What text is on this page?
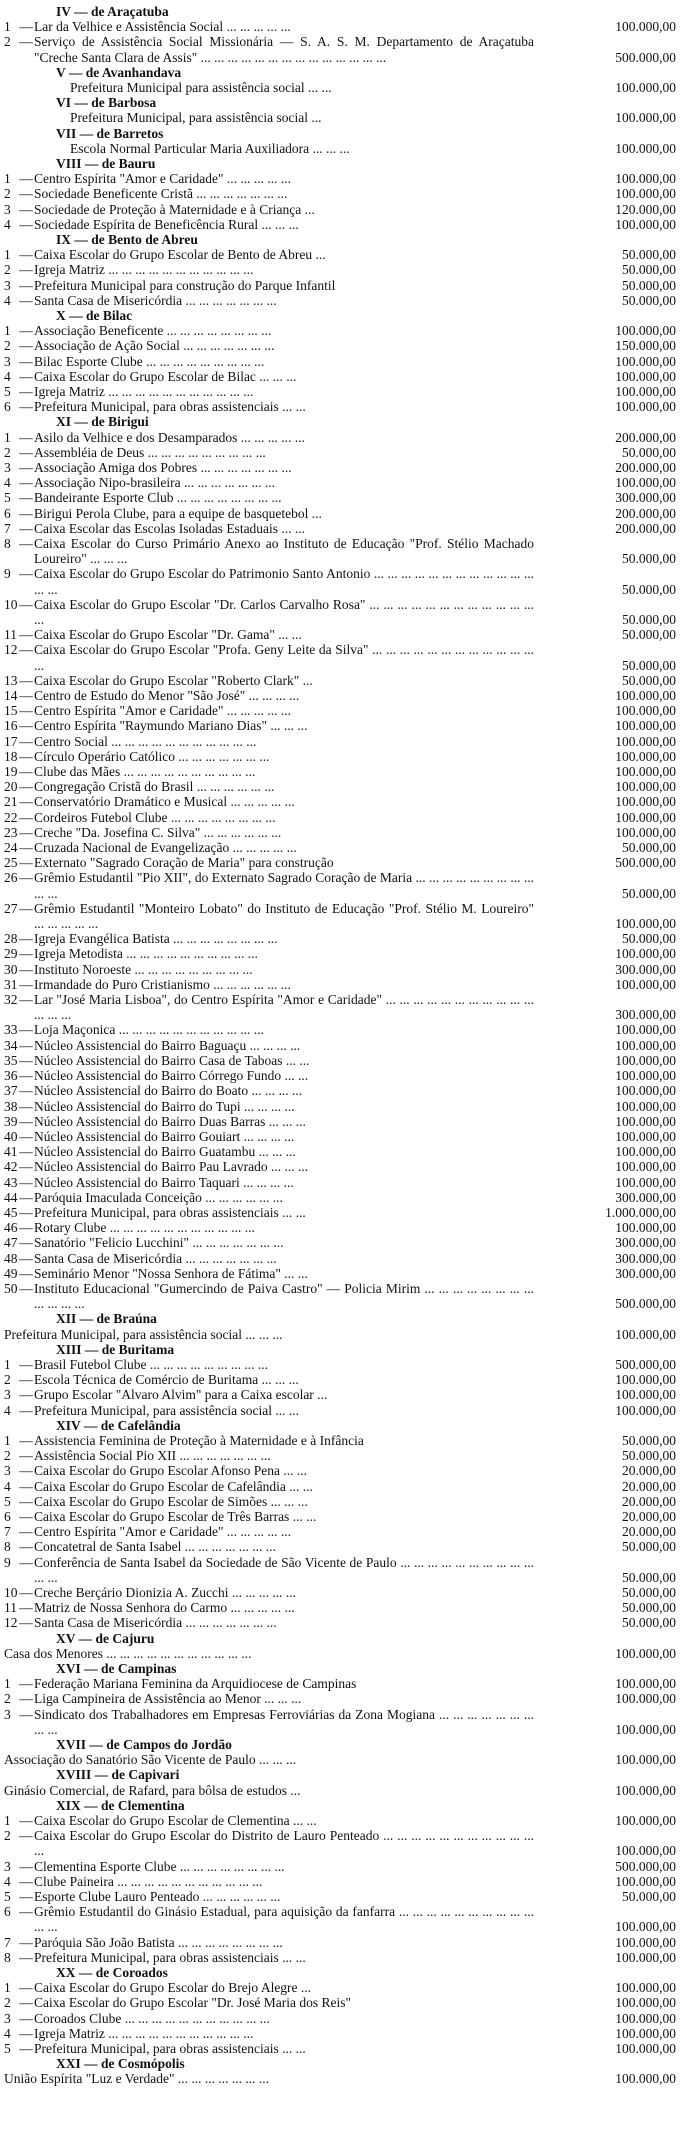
IV — de Araçatuba
1 — Lar da Velhice e Assistência Social ... ... ... ... ...	100.000,00
2 — Serviço de Assistência Social Missionária — S. A. S. M. Departamento de Araçatuba "Creche Santa Clara de Assis" ... ... ... ... ... ... ... ... ... ... ... ... ... ...	500.000,00
V — de Avanhandava
Prefeitura Municipal para assistência social ... ...	100.000,00
VI — de Barbosa
Prefeitura Municipal, para assistência social ...	100.000,00
VII — de Barretos
Escola Normal Particular Maria Auxiliadora ... ... ...	100.000,00
VIII — de Bauru
1 — Centro Espírita "Amor e Caridade" ... ... ... ... ...	100.000,00
2 — Sociedade Beneficente Cristã ... ... ... ... ... ... ...	100.000,00
3 — Sociedade de Proteção à Maternidade e à Criança ...	120.000,00
4 — Sociedade Espírita de Beneficência Rural ... ... ...	100.000,00
IX — de Bento de Abreu
1 — Caixa Escolar do Grupo Escolar de Bento de Abreu ...	50.000,00
2 — Igreja Matriz ... ... ... ... ... ... ... ... ... ... ...	50.000,00
3 — Prefeitura Municipal para construção do Parque Infantil	50.000,00
4 — Santa Casa de Misericórdia ... ... ... ... ... ... ...	50.000,00
X — de Bilac
1 — Associação Beneficente ... ... ... ... ... ... ... ...	100.000,00
2 — Associação de Ação Social ... ... ... ... ... ... ...	150.000,00
3 — Bilac Esporte Clube ... ... ... ... ... ... ... ... ...	100.000,00
4 — Caixa Escolar do Grupo Escolar de Bilac ... ... ...	100.000,00
5 — Igreja Matriz ... ... ... ... ... ... ... ... ... ... ...	100.000,00
6 — Prefeitura Municipal, para obras assistenciais ... ...	100.000,00
XI — de Birigui
1 — Asilo da Velhice e dos Desamparados ... ... ... ... ...	200.000,00
2 — Assembléia de Deus ... ... ... ... ... ... ... ... ...	50.000,00
3 — Associação Amiga dos Pobres ... ... ... ... ... ... ...	200.000,00
4 — Associação Nipo-brasileira ... ... ... ... ... ... ...	100.000,00
5 — Bandeirante Esporte Club ... ... ... ... ... ... ... ...	300.000,00
6 — Birigui Perola Clube, para a equipe de basquetebol ...	200.000,00
7 — Caixa Escolar das Escolas Isoladas Estaduais ... ...	200.000,00
8 — Caixa Escolar do Curso Primário Anexo ao Instituto de Educação "Prof. Stélio Machado Loureiro" ... ... ...	50.000,00
9 — Caixa Escolar do Grupo Escolar do Patrimonio Santo Antonio ... ... ... ... ... ... ... ... ... ... ... ... ... ...	50.000,00
10 — Caixa Escolar do Grupo Escolar "Dr. Carlos Carvalho Rosa" ... ... ... ... ... ... ... ... ... ... ... ... ...	50.000,00
11 — Caixa Escolar do Grupo Escolar "Dr. Gama" ... ...	50.000,00
12 — Caixa Escolar do Grupo Escolar "Profa. Geny Leite da Silva" ... ... ... ... ... ... ... ... ... ... ... ... ...	50.000,00
13 — Caixa Escolar do Grupo Escolar "Roberto Clark" ...	50.000,00
14 — Centro de Estudo do Menor "São José" ... ... ... ...	100.000,00
15 — Centro Espírita "Amor e Caridade" ... ... ... ... ...	100.000,00
16 — Centro Espírita "Raymundo Mariano Dias" ... ... ...	100.000,00
17 — Centro Social ... ... ... ... ... ... ... ... ... ... ...	100.000,00
18 — Círculo Operário Católico ... ... ... ... ... ... ...	100.000,00
19 — Clube das Mães ... ... ... ... ... ... ... ... ... ...	100.000,00
20 — Congregação Cristã do Brasil ... ... ... ... ... ...	100.000,00
21 — Conservatório Dramático e Musical ... ... ... ... ...	100.000,00
22 — Cordeiros Futebol Clube ... ... ... ... ... ... ... ...	100.000,00
23 — Creche "Da. Josefina C. Silva" ... ... ... ... ... ...	100.000,00
24 — Cruzada Nacional de Evangelização ... ... ... ... ...	50.000,00
25 — Externato "Sagrado Coração de Maria" para construção	500.000,00
26 — Grêmio Estudantil "Pio XII", do Externato Sagrado Coração de Maria ... ... ... ... ... ... ... ... ... ... ...	50.000,00
27 — Grêmio Estudantil "Monteiro Lobato" do Instituto de Educação "Prof. Stélio M. Loureiro" ... ... ... ... ...	100.000,00
28 — Igreja Evangélica Batista ... ... ... ... ... ... ... ...	50.000,00
29 — Igreja Metodista ... ... ... ... ... ... ... ... ... ...	100.000,00
30 — Instituto Noroeste ... ... ... ... ... ... ... ... ...	300.000,00
31 — Irmandade do Puro Cristianismo ... ... ... ... ... ...	100.000,00
32 — Lar "José Maria Lisboa", do Centro Espírita "Amor e Caridade" ... ... ... ... ... ... ... ... ... ... ... ... ... ...	300.000,00
33 — Loja Maçonica ... ... ... ... ... ... ... ... ... ... ...	100.000,00
34 — Núcleo Assistencial do Bairro Baguaçu ... ... ... ...	100.000,00
35 — Núcleo Assistencial do Bairro Casa de Taboas ... ...	100.000,00
36 — Núcleo Assistencial do Bairro Córrego Fundo ... ...	100.000,00
37 — Núcleo Assistencial do Bairro do Boato ... ... ... ...	100.000,00
38 — Núcleo Assistencial do Bairro do Tupi ... ... ... ...	100.000,00
39 — Núcleo Assistencial do Bairro Duas Barras ... ... ...	100.000,00
40 — Núcleo Assistencial do Bairro Gouiart ... ... ... ...	100.000,00
41 — Núcleo Assistencial do Bairro Guatambu ... ... ...	100.000,00
42 — Núcleo Assistencial do Bairro Pau Lavrado ... ... ...	100.000,00
43 — Núcleo Assistencial do Bairro Taquari ... ... ... ...	100.000,00
44 — Paróquia Imaculada Conceição ... ... ... ... ... ...	300.000,00
45 — Prefeitura Municipal, para obras assistenciais ... ...	1.000.000,00
46 — Rotary Clube ... ... ... ... ... ... ... ... ... ... ...	100.000,00
47 — Sanatório "Felicio Lucchini" ... ... ... ... ... ... ...	300.000,00
48 — Santa Casa de Misericórdia ... ... ... ... ... ... ...	300.000,00
49 — Seminário Menor "Nossa Senhora de Fátima" ... ...	300.000,00
50 — Instituto Educacional "Gumercindo de Paiva Castro" — Policia Mirim ... ... ... ... ... ... ... ... ... ... ... ...	500.000,00
XII — de Braúna
Prefeitura Municipal, para assistência social ... ... ...	100.000,00
XIII — de Buritama
1 — Brasil Futebol Clube ... ... ... ... ... ... ... ... ...	500.000,00
2 — Escola Técnica de Comércio de Buritama ... ... ...	100.000,00
3 — Grupo Escolar "Alvaro Alvim" para a Caixa escolar ...	100.000,00
4 — Prefeitura Municipal, para assistência social ... ...	100.000,00
XIV — de Cafelândia
1 — Assistencia Feminina de Proteção à Maternidade e à Infância	50.000,00
2 — Assistência Social Pio XII ... ... ... ... ... ... ...	50.000,00
3 — Caixa Escolar do Grupo Escolar Afonso Pena ... ...	20.000,00
4 — Caixa Escolar do Grupo Escolar de Cafelândia ... ...	20.000,00
5 — Caixa Escolar do Grupo Escolar de Simões ... ... ...	20.000,00
6 — Caixa Escolar do Grupo Escolar de Três Barras ... ...	20.000,00
7 — Centro Espírita "Amor e Caridade" ... ... ... ... ...	20.000,00
8 — Concatetral de Santa Isabel ... ... ... ... ... ... ...	50.000,00
9 — Conferência de Santa Isabel da Sociedade de São Vicente de Paulo ... ... ... ... ... ... ... ... ... ... ... ...	50.000,00
10 — Creche Berçário Dionizia A. Zucchi ... ... ... ... ...	50.000,00
11 — Matriz de Nossa Senhora do Carmo ... ... ... ... ...	50.000,00
12 — Santa Casa de Misericórdia ... ... ... ... ... ... ...	50.000,00
XV — de Cajuru
Casa dos Menores ... ... ... ... ... ... ... ... ... ... ...	100.000,00
XVI — de Campinas
1 — Federação Mariana Feminina da Arquidiocese de Campinas	100.000,00
2 — Liga Campineira de Assistência ao Menor ... ... ...	100.000,00
3 — Sindicato dos Trabalhadores em Empresas Ferroviárias da Zona Mogiana ... ... ... ... ... ... ... ... ...	100.000,00
XVII — de Campos do Jordão
Associação do Sanatório São Vicente de Paulo ... ... ...	100.000,00
XVIII — de Capivari
Ginásio Comercial, de Rafard, para bôlsa de estudos ...	100.000,00
XIX — de Clementina
1 — Caixa Escolar do Grupo Escolar de Clementina ... ...	100.000,00
2 — Caixa Escolar do Grupo Escolar do Distrito de Lauro Penteado ... ... ... ... ... ... ... ... ... ... ... ...	100.000,00
3 — Clementina Esporte Clube ... ... ... ... ... ... ... ...	500.000,00
4 — Clube Paineira ... ... ... ... ... ... ... ... ... ... ...	100.000,00
5 — Esporte Clube Lauro Penteado ... ... ... ... ... ...	50.000,00
6 — Grêmio Estudantil do Ginásio Estadual, para aquisição da fanfarra ... ... ... ... ... ... ... ... ... ... ... ...	100.000,00
7 — Paróquia São João Batista ... ... ... ... ... ... ... ...	100.000,00
8 — Prefeitura Municipal, para obras assistenciais ... ...	100.000,00
XX — de Coroados
1 — Caixa Escolar do Grupo Escolar do Brejo Alegre ...	100.000,00
2 — Caixa Escolar do Grupo Escolar "Dr. José Maria dos Reis"	100.000,00
3 — Coroados Clube ... ... ... ... ... ... ... ... ... ... ...	100.000,00
4 — Igreja Matriz ... ... ... ... ... ... ... ... ... ... ...	100.000,00
5 — Prefeitura Municipal, para obras assistenciais ... ...	100.000,00
XXI — de Cosmópolis
União Espírita "Luz e Verdade" ... ... ... ... ... ... ...	100.000,00
